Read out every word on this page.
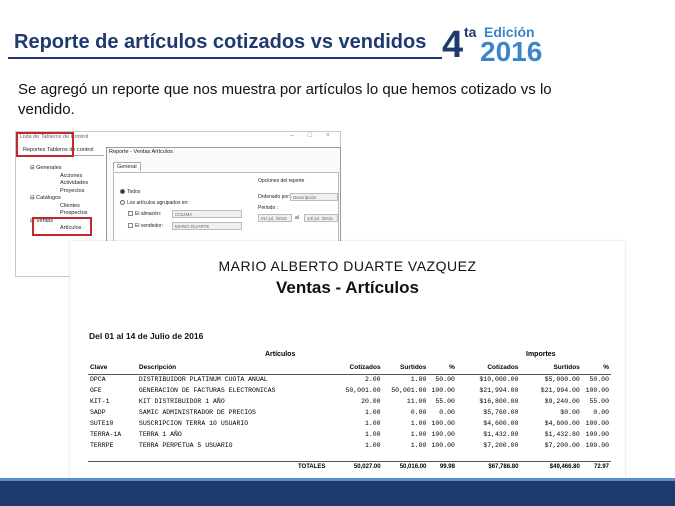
Reporte de artículos cotizados vs vendidos 4 ta Edición
2016
Se agregó un reporte que nos muestra por artículos lo que hemos cotizado vs lo vendido.
Lista de Tableros de Control	– □ ×
Reportes Tableros de control
⊟ Generales
Acciones
Actividades
Proyectos
⊟ Catálogos
Clientes
Prospectos
⊟ Ventas
Artículos
Reporte - Ventas Artículos
General
Todos
Los artículos agrupados en:
El almacén:	COLIMA
El vendedor:	MARIO DUARTE
Opciones del reporte
Ordenado por: Descripción
Periodo :
01/ jul. /2016	al	14/ jul. /2016
MARIO ALBERTO DUARTE VAZQUEZ
Ventas - Artículos
Del 01 al 14 de Julio de 2016
Artículos	Importes
Clave	Descripción	Cotizados	Surtidos	%	Cotizados	Surtidos	%
DPCA	DISTRIBUIDOR PLATINUM CUOTA ANUAL	2.00	1.00	50.00	$10,000.00	$5,000.00	50.00
GFE	GENERACION DE FACTURAS ELECTRONICAS	50,001.00	50,001.00	100.00	$21,994.00	$21,994.00	100.00
KIT-1	KIT DISTRIBUIDOR 1 AÑO	20.00	11.00	55.00	$16,800.00	$9,240.00	55.00
SADP	SAMIC ADMINISTRADOR DE PRECIOS	1.00	0.00	0.00	$5,760.00	$0.00	0.00
SUTE10	SUSCRIPCION TERRA 10 USUARIO	1.00	1.00	100.00	$4,600.00	$4,600.00	100.00
TERRA-1A	TERRA 1 AÑO	1.00	1.00	100.00	$1,432.80	$1,432.80	100.00
TERRPE	TERRA PERPETUA 5 USUARIO	1.00	1.00	100.00	$7,200.00	$7,200.00	100.00

	TOTALES	50,027.00	50,016.00	99.98	$67,786.80	$49,466.80	72.97
